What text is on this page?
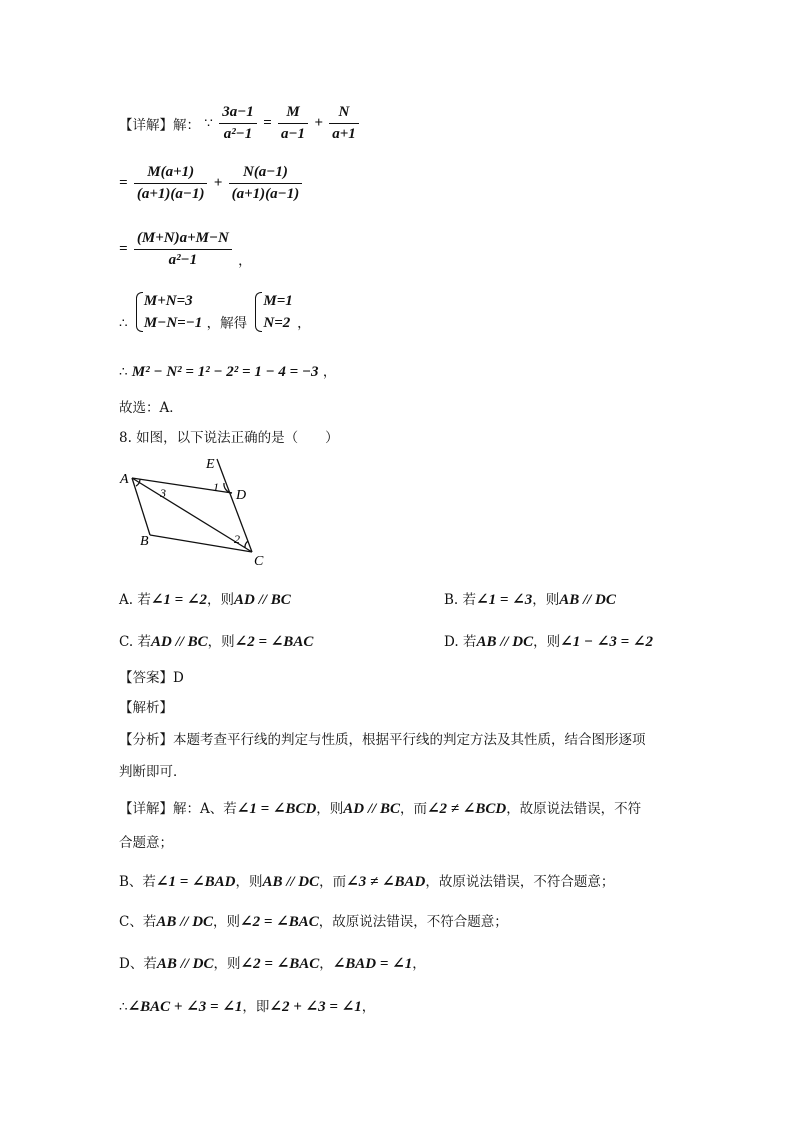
【详解】解： ∵ $\frac{3a-1}{\text{a²−1}} = \frac{M}{a-1} + \frac{N}{a+1}$
= $\frac{M(a+1)}{(a+1)(a-1)} + \frac{N(a-1)}{(a+1)(a-1)}$
= $\frac{(M+N)a+M-N}{\text{a²−1}}$ ，
∴
M+N=3
M−N=−1 ，解得
M=1
N=2 ，
∴ M² − N² = 1² − 2² = 1 − 4 = −3 ，
故选：A．
8. 如图，以下说法正确的是（　　）
A
B
C
D
E
1
2
3
A. 若∠1 = ∠2，则AD // BC	B. 若∠1 = ∠3，则AB // DC
C. 若AD // BC，则∠2 = ∠BAC	D. 若AB // DC，则∠1 − ∠3 = ∠2
【答案】D
【解析】
【分析】本题考查平行线的判定与性质，根据平行线的判定方法及其性质，结合图形逐项
判断即可．
【详解】解：A、若∠1 = ∠BCD，则AD // BC，而∠2 ≠ ∠BCD，故原说法错误，不符
合题意；
B、若∠1 = ∠BAD，则AB // DC，而∠3 ≠ ∠BAD，故原说法错误，不符合题意；
C、若AB // DC，则∠2 = ∠BAC，故原说法错误，不符合题意；
D、若AB // DC，则∠2 = ∠BAC，∠BAD = ∠1，
∴∠BAC + ∠3 = ∠1，即∠2 + ∠3 = ∠1，
